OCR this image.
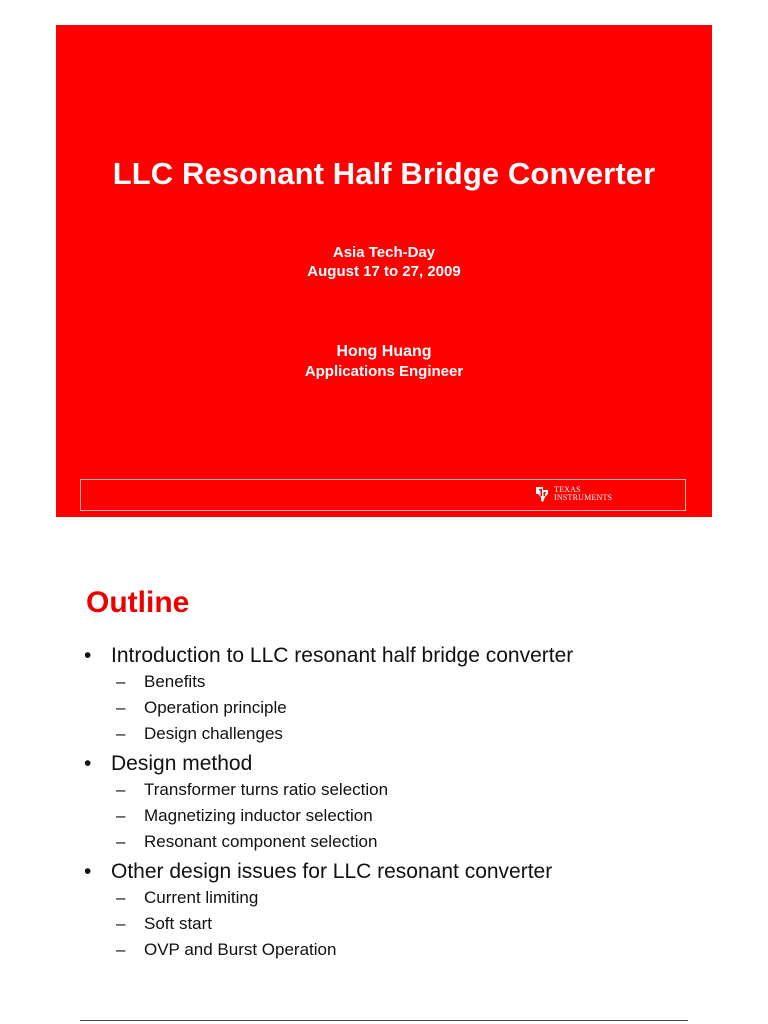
LLC Resonant Half Bridge Converter
Asia Tech-Day
August 17 to 27, 2009
Hong Huang
Applications Engineer
TEXAS
INSTRUMENTS
Outline
• Introduction to LLC resonant half bridge converter
– Benefits
– Operation principle
– Design challenges
• Design method
– Transformer turns ratio selection
– Magnetizing inductor selection
– Resonant component selection
• Other design issues for LLC resonant converter
– Current limiting
– Soft start
– OVP and Burst Operation
